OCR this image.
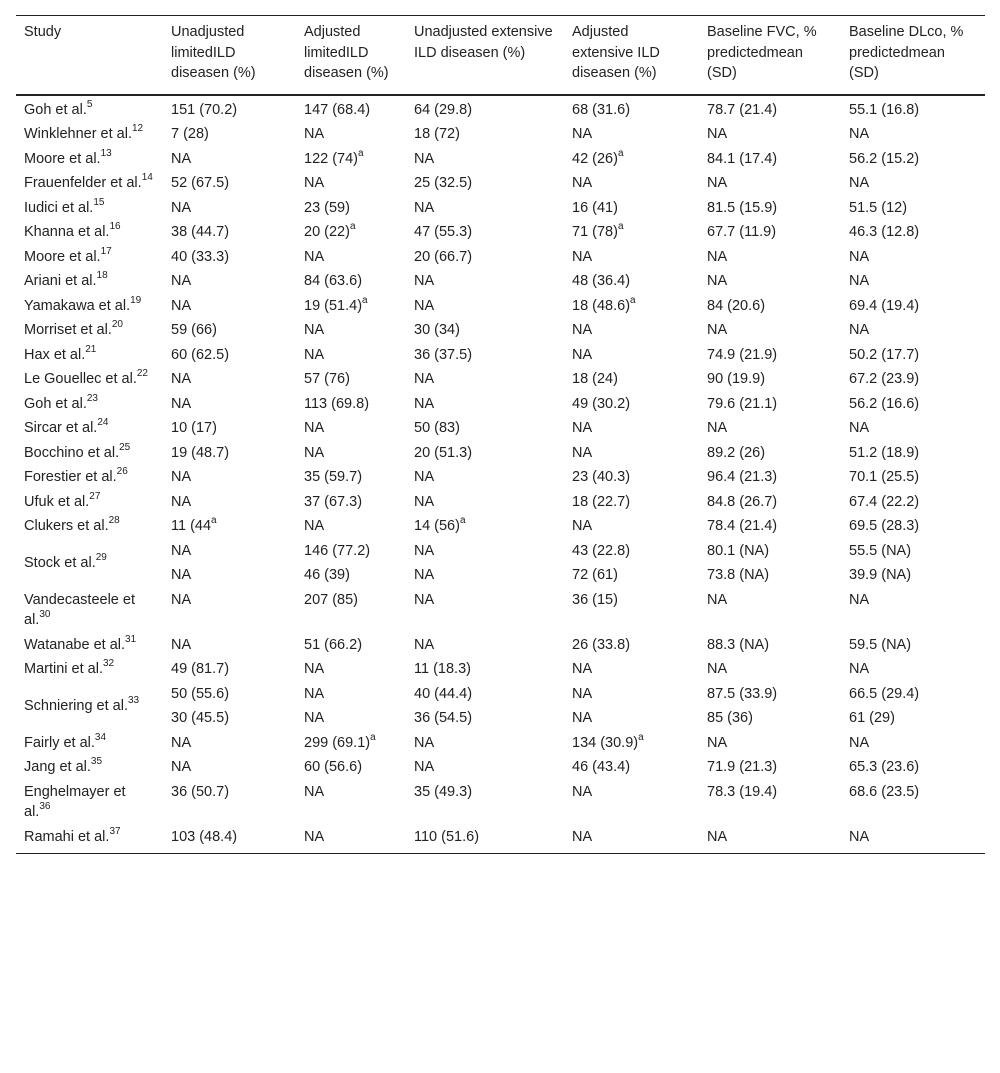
Study	Unadjusted limitedILD diseasen (%)	Adjusted limitedILD diseasen (%)	Unadjusted extensive ILD diseasen (%)	Adjusted extensive ILD diseasen (%)	Baseline FVC, % predictedmean (SD)	Baseline DLco, % predictedmean (SD)
Goh et al.$^5$	151 (70.2)	147 (68.4)	64 (29.8)	68 (31.6)	78.7 (21.4)	55.1 (16.8)
Winklehner et al.$^{12}$	7 (28)	NA	18 (72)	NA	NA	NA
Moore et al.$^{13}$	NA	122 $(74)^a$	NA	42 $(26)^a$	84.1 (17.4)	56.2 (15.2)
Frauenfelder et al.$^{14}$	52 (67.5)	NA	25 (32.5)	NA	NA	NA
Iudici et al.$^{15}$	NA	23 (59)	NA	16 (41)	81.5 (15.9)	51.5 (12)
Khanna et al.$^{16}$	38 (44.7)	20 $(22)^a$	47 (55.3)	71 $(78)^a$	67.7 (11.9)	46.3 (12.8)
Moore et al.$^{17}$	40 (33.3)	NA	20 (66.7)	NA	NA	NA
Ariani et al.$^{18}$	NA	84 (63.6)	NA	48 (36.4)	NA	NA
Yamakawa et al.$^{19}$	NA	19 $(51.4)^a$	NA	18 $(48.6)^a$	84 (20.6)	69.4 (19.4)
Morriset et al.$^{20}$	59 (66)	NA	30 (34)	NA	NA	NA
Hax et al.$^{21}$	60 (62.5)	NA	36 (37.5)	NA	74.9 (21.9)	50.2 (17.7)
Le Gouellec et al.$^{22}$	NA	57 (76)	NA	18 (24)	90 (19.9)	67.2 (23.9)
Goh et al.$^{23}$	NA	113 (69.8)	NA	49 (30.2)	79.6 (21.1)	56.2 (16.6)
Sircar et al.$^{24}$	10 (17)	NA	50 (83)	NA	NA	NA
Bocchino et al.$^{25}$	19 (48.7)	NA	20 (51.3)	NA	89.2 (26)	51.2 (18.9)
Forestier et al.$^{26}$	NA	35 (59.7)	NA	23 (40.3)	96.4 (21.3)	70.1 (25.5)
Ufuk et al.$^{27}$	NA	37 (67.3)	NA	18 (22.7)	84.8 (26.7)	67.4 (22.2)
Clukers et al.$^{28}$	11 (44$^a$	NA	14 $(56)^a$	NA	78.4 (21.4)	69.5 (28.3)
Stock et al.$^{29}$	NA	146 (77.2)	NA	43 (22.8)	80.1 (NA)	55.5 (NA)
	NA	46 (39)	NA	72 (61)	73.8 (NA)	39.9 (NA)
Vandecasteele et al.$^{30}$	NA	207 (85)	NA	36 (15)	NA	NA
Watanabe et al.$^{31}$	NA	51 (66.2)	NA	26 (33.8)	88.3 (NA)	59.5 (NA)
Martini et al.$^{32}$	49 (81.7)	NA	11 (18.3)	NA	NA	NA
Schniering et al.$^{33}$	50 (55.6)	NA	40 (44.4)	NA	87.5 (33.9)	66.5 (29.4)
	30 (45.5)	NA	36 (54.5)	NA	85 (36)	61 (29)
Fairly et al.$^{34}$	NA	299 $(69.1)^a$	NA	134 $(30.9)^a$	NA	NA
Jang et al.$^{35}$	NA	60 (56.6)	NA	46 (43.4)	71.9 (21.3)	65.3 (23.6)
Enghelmayer et al.$^{36}$	36 (50.7)	NA	35 (49.3)	NA	78.3 (19.4)	68.6 (23.5)
Ramahi et al.$^{37}$	103 (48.4)	NA	110 (51.6)	NA	NA	NA
